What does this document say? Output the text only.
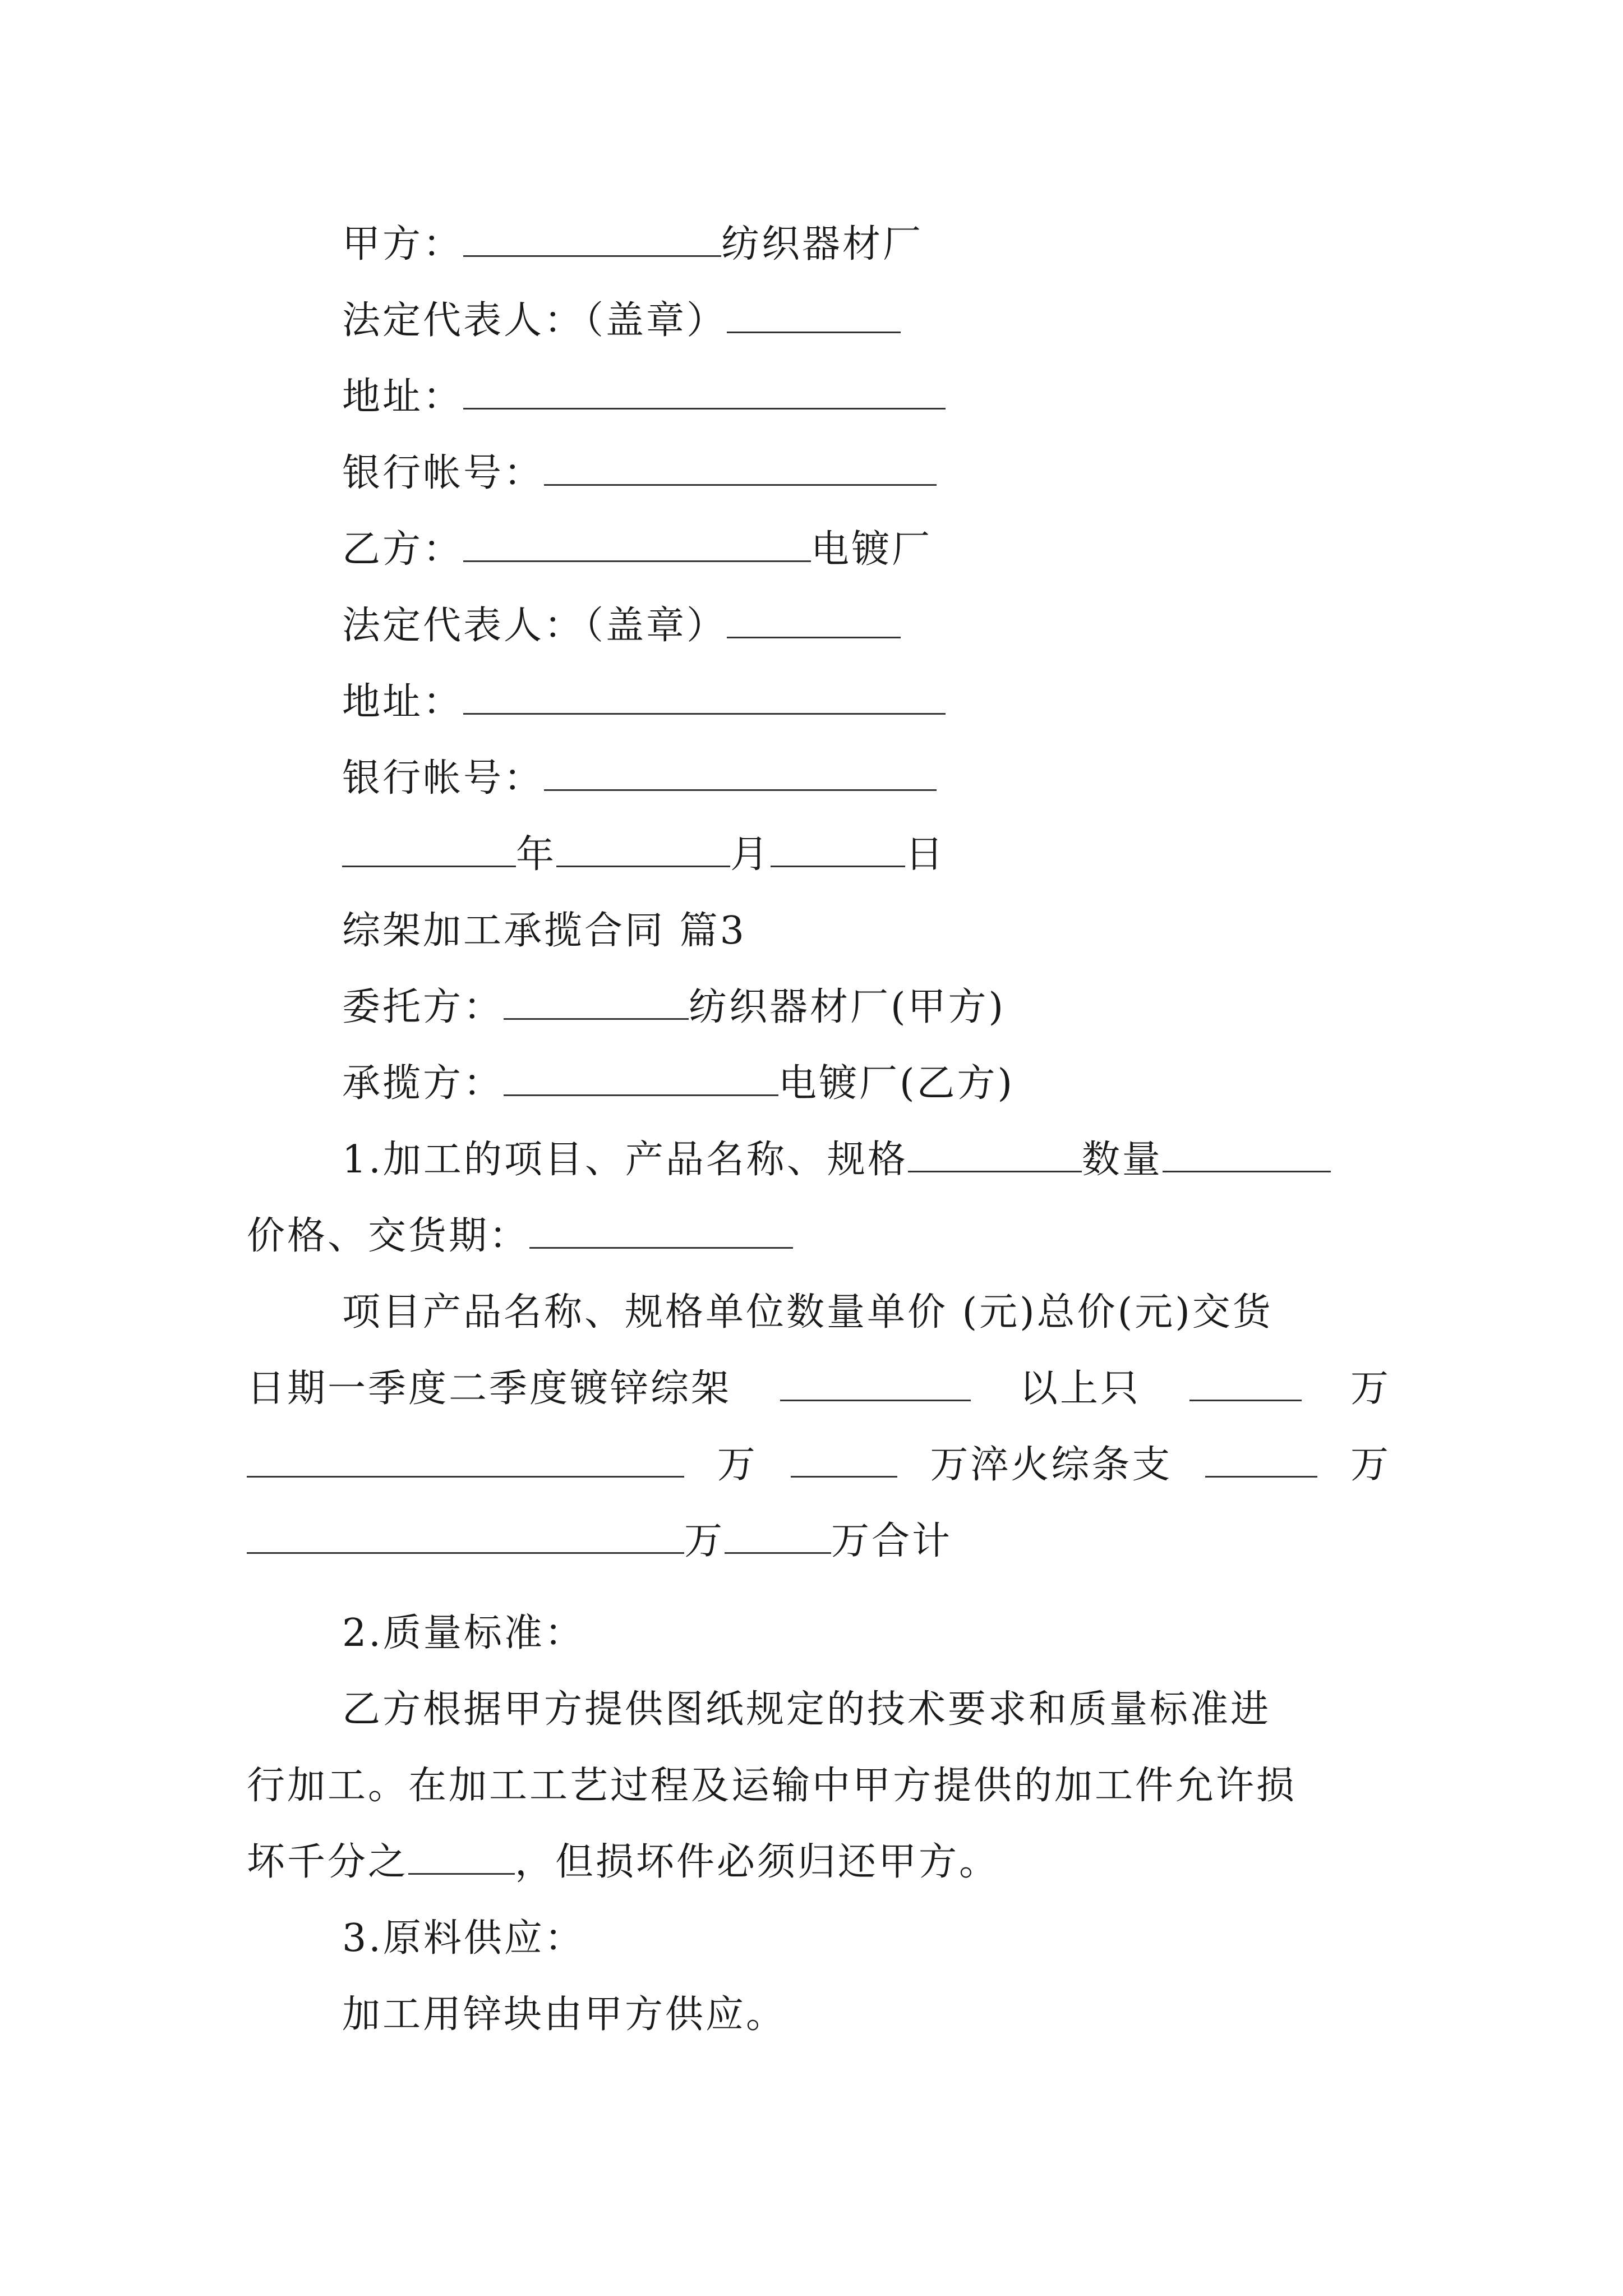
甲方：	纺织器材厂
法定代表人：（盖章）
地址：
银行帐号：
乙方：	电镀厂
法定代表人：（盖章）
地址：
银行帐号：
年	月	日
综架加工承揽合同 篇3
委托方：	纺织器材厂(甲方)
承揽方：	电镀厂(乙方)
1.加工的项目、产品名称、规格	数量
价格、交货期：
项目产品名称、规格单位数量单价 (元)总价(元)交货
日期一季度二季度镀锌综架	以上只	万
万	万淬火综条支	万
万	万合计
2.质量标准：
乙方根据甲方提供图纸规定的技术要求和质量标准进
行加工。在加工工艺过程及运输中甲方提供的加工件允许损
坏千分之	，但损坏件必须归还甲方。
3.原料供应：
加工用锌块由甲方供应。
